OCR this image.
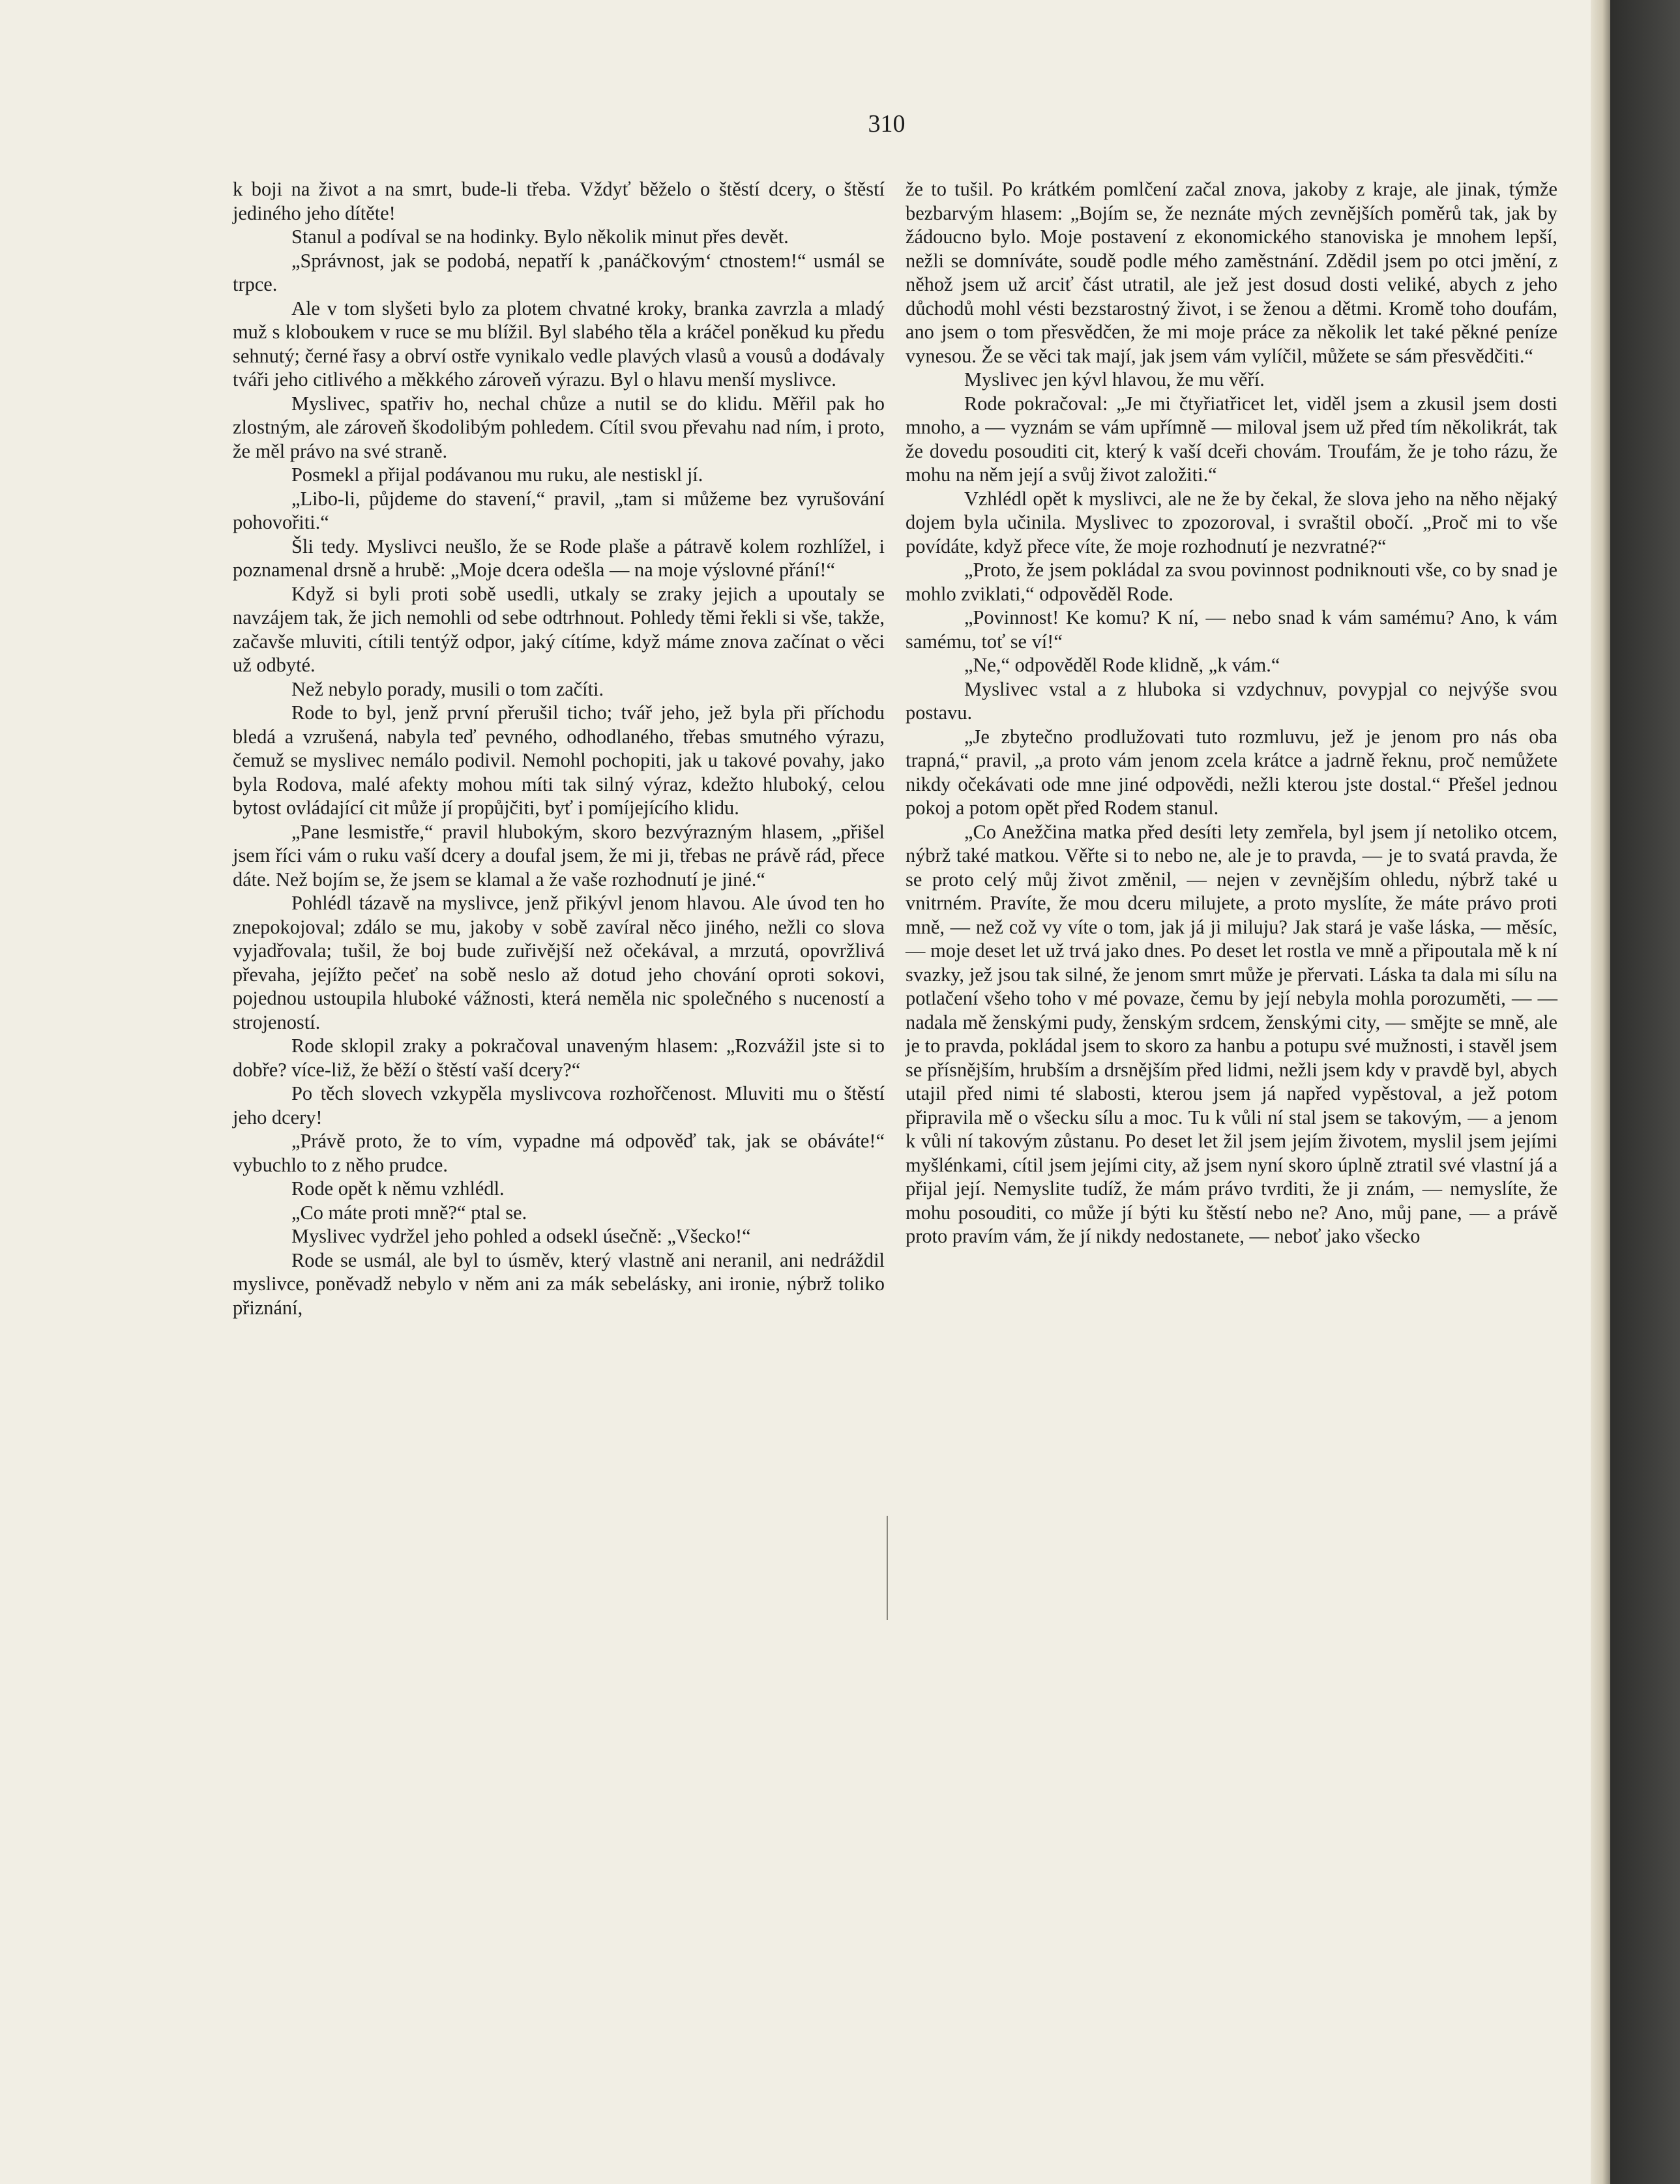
310

k boji na život a na smrt, bude-li třeba. Vždyť běželo o štěstí dcery, o štěstí jediného jeho dítěte!

Stanul a podíval se na hodinky. Bylo několik minut přes devět.

„Správnost, jak se podobá, nepatří k ‚panáčkovým‘ ctnostem!“ usmál se trpce.

Ale v tom slyšeti bylo za plotem chvatné kroky, branka zavrzla a mladý muž s kloboukem v ruce se mu blížil. Byl slabého těla a kráčel poněkud ku předu sehnutý; černé řasy a obrví ostře vynikalo vedle plavých vlasů a vousů a dodávaly tváři jeho citlivého a měkkého zároveň výrazu. Byl o hlavu menší myslivce.

Myslivec, spatřiv ho, nechal chůze a nutil se do klidu. Měřil pak ho zlostným, ale zároveň škodolibým pohledem. Cítil svou převahu nad ním, i proto, že měl právo na své straně.

Posmekl a přijal podávanou mu ruku, ale nestiskl jí.

„Libo-li, půjdeme do stavení,“ pravil, „tam si můžeme bez vyrušování pohovořiti.“

Šli tedy. Myslivci neušlo, že se Rode plaše a pátravě kolem rozhlížel, i poznamenal drsně a hrubě: „Moje dcera odešla — na moje výslovné přání!“

Když si byli proti sobě usedli, utkaly se zraky jejich a upoutaly se navzájem tak, že jich nemohli od sebe odtrhnout. Pohledy těmi řekli si vše, takže, začavše mluviti, cítili tentýž odpor, jaký cítíme, když máme znova začínat o věci už odbyté.

Než nebylo porady, musili o tom začíti.

Rode to byl, jenž první přerušil ticho; tvář jeho, jež byla při příchodu bledá a vzrušená, nabyla teď pevného, odhodlaného, třebas smutného výrazu, čemuž se myslivec nemálo podivil. Nemohl pochopiti, jak u takové povahy, jako byla Rodova, malé afekty mohou míti tak silný výraz, kdežto hluboký, celou bytost ovládající cit může jí propůjčiti, byť i pomíjejícího klidu.

„Pane lesmistře,“ pravil hlubokým, skoro bezvýrazným hlasem, „přišel jsem říci vám o ruku vaší dcery a doufal jsem, že mi ji, třebas ne právě rád, přece dáte. Než bojím se, že jsem se klamal a že vaše rozhodnutí je jiné.“

Pohlédl tázavě na myslivce, jenž přikývl jenom hlavou. Ale úvod ten ho znepokojoval; zdálo se mu, jakoby v sobě zavíral něco jiného, nežli co slova vyjadřovala; tušil, že boj bude zuřivější než očekával, a mrzutá, opovržlivá převaha, jejížto pečeť na sobě neslo až dotud jeho chování oproti sokovi, pojednou ustoupila hluboké vážnosti, která neměla nic společného s nuceností a strojeností.

Rode sklopil zraky a pokračoval unaveným hlasem: „Rozvážil jste si to dobře? více-liž, že běží o štěstí vaší dcery?“

Po těch slovech vzkypěla myslivcova rozhořčenost. Mluviti mu o štěstí jeho dcery!

„Právě proto, že to vím, vypadne má odpověď tak, jak se obáváte!“ vybuchlo to z něho prudce.

Rode opět k němu vzhlédl.

„Co máte proti mně?“ ptal se.

Myslivec vydržel jeho pohled a odsekl úsečně: „Všecko!“

Rode se usmál, ale byl to úsměv, který vlastně ani neranil, ani nedráždil myslivce, poněvadž nebylo v něm ani za mák sebelásky, ani ironie, nýbrž toliko přiznání,

že to tušil. Po krátkém pomlčení začal znova, jakoby z kraje, ale jinak, týmže bezbarvým hlasem: „Bojím se, že neznáte mých zevnějších poměrů tak, jak by žádoucno bylo. Moje postavení z ekonomického stanoviska je mnohem lepší, nežli se domníváte, soudě podle mého zaměstnání. Zdědil jsem po otci jmění, z něhož jsem už arciť část utratil, ale jež jest dosud dosti veliké, abych z jeho důchodů mohl vésti bezstarostný život, i se ženou a dětmi. Kromě toho doufám, ano jsem o tom přesvědčen, že mi moje práce za několik let také pěkné peníze vynesou. Že se věci tak mají, jak jsem vám vylíčil, můžete se sám přesvědčiti.“

Myslivec jen kývl hlavou, že mu věří.

Rode pokračoval: „Je mi čtyřiatřicet let, viděl jsem a zkusil jsem dosti mnoho, a — vyznám se vám upřímně — miloval jsem už před tím několikrát, tak že dovedu posouditi cit, který k vaší dceři chovám. Troufám, že je toho rázu, že mohu na něm její a svůj život založiti.“

Vzhlédl opět k myslivci, ale ne že by čekal, že slova jeho na něho nějaký dojem byla učinila. Myslivec to zpozoroval, i svraštil obočí. „Proč mi to vše povídáte, když přece víte, že moje rozhodnutí je nezvratné?“

„Proto, že jsem pokládal za svou povinnost podniknouti vše, co by snad je mohlo zviklati,“ odpověděl Rode.

„Povinnost! Ke komu? K ní, — nebo snad k vám samému? Ano, k vám samému, toť se ví!“

„Ne,“ odpověděl Rode klidně, „k vám.“

Myslivec vstal a z hluboka si vzdychnuv, povypjal co nejvýše svou postavu.

„Je zbytečno prodlužovati tuto rozmluvu, jež je jenom pro nás oba trapná,“ pravil, „a proto vám jenom zcela krátce a jadrně řeknu, proč nemůžete nikdy očekávati ode mne jiné odpovědi, nežli kterou jste dostal.“ Přešel jednou pokoj a potom opět před Rodem stanul.

„Co Anežčina matka před desíti lety zemřela, byl jsem jí netoliko otcem, nýbrž také matkou. Věřte si to nebo ne, ale je to pravda, — je to svatá pravda, že se proto celý můj život změnil, — nejen v zevnějším ohledu, nýbrž také u vnitrném. Pravíte, že mou dceru milujete, a proto myslíte, že máte právo proti mně, — než což vy víte o tom, jak já ji miluju? Jak stará je vaše láska, — měsíc, — moje deset let už trvá jako dnes. Po deset let rostla ve mně a připoutala mě k ní svazky, jež jsou tak silné, že jenom smrt může je přervati. Láska ta dala mi sílu na potlačení všeho toho v mé povaze, čemu by její nebyla mohla porozuměti, — — nadala mě ženskými pudy, ženským srdcem, ženskými city, — smějte se mně, ale je to pravda, pokládal jsem to skoro za hanbu a potupu své mužnosti, i stavěl jsem se přísnějším, hrubším a drsnějším před lidmi, nežli jsem kdy v pravdě byl, abych utajil před nimi té slabosti, kterou jsem já napřed vypěstoval, a jež potom připravila mě o všecku sílu a moc. Tu k vůli ní stal jsem se takovým, — a jenom k vůli ní takovým zůstanu. Po deset let žil jsem jejím životem, myslil jsem jejími myšlénkami, cítil jsem jejími city, až jsem nyní skoro úplně ztratil své vlastní já a přijal její. Nemyslite tudíž, že mám právo tvrditi, že ji znám, — nemyslíte, že mohu posouditi, co může jí býti ku štěstí nebo ne? Ano, můj pane, — a právě proto pravím vám, že jí nikdy nedostanete, — neboť jako všecko
